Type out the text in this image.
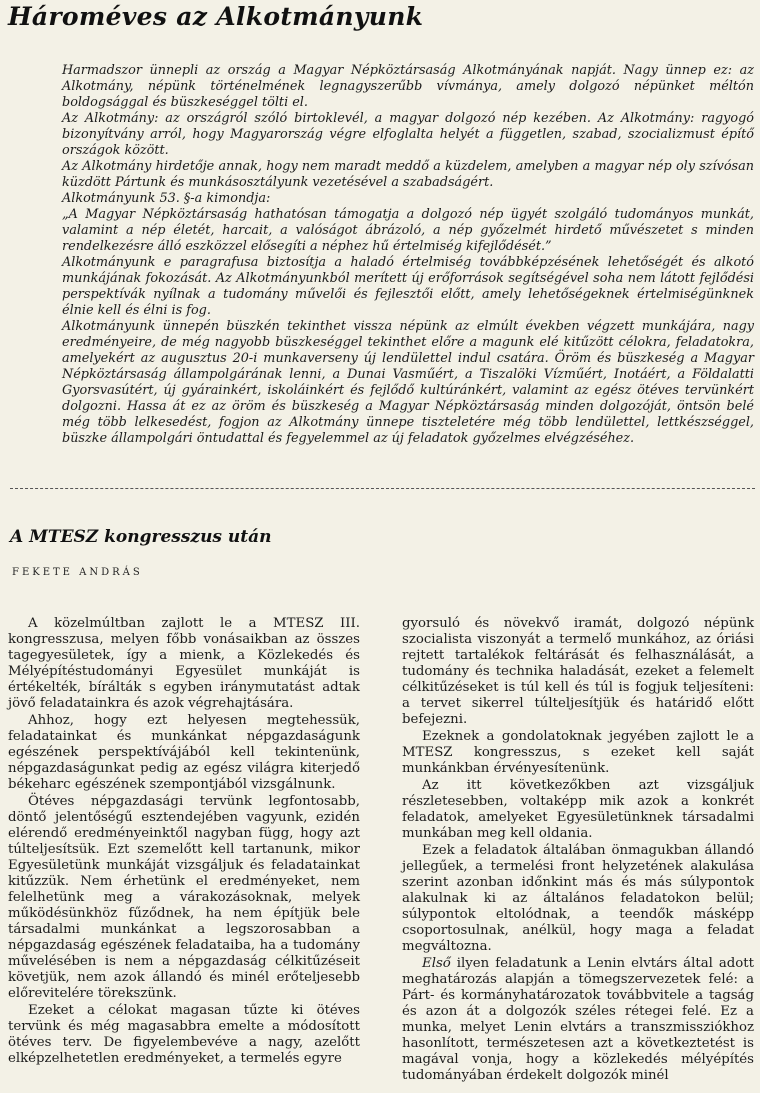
Hároméves az Alkotmányunk

Harmadszor ünnepli az ország a Magyar Népköztársaság Alkotmányának napját. Nagy ünnep ez: az Alkotmány, népünk történelmének legnagyszerűbb vívmánya, amely dolgozó népünket méltón boldogsággal és büszkeséggel tölti el.

Az Alkotmány: az országról szóló birtoklevél, a magyar dolgozó nép kezében. Az Alkotmány: ragyogó bizonyítvány arról, hogy Magyarország végre elfoglalta helyét a független, szabad, szocializmust építő országok között.

Az Alkotmány hirdetője annak, hogy nem maradt meddő a küzdelem, amelyben a magyar nép oly szívósan küzdött Pártunk és munkásosztályunk vezetésével a szabadságért.

Alkotmányunk 53. §-a kimondja:

„A Magyar Népköztársaság hathatósan támogatja a dolgozó nép ügyét szolgáló tudományos munkát, valamint a nép életét, harcait, a valóságot ábrázoló, a nép győzelmét hirdető művészetet s minden rendelkezésre álló eszközzel elősegíti a néphez hű értelmiség kifejlődését.”

Alkotmányunk e paragrafusa biztosítja a haladó értelmiség továbbképzésének lehetőségét és alkotó munkájának fokozását. Az Alkotmányunkból merített új erőforrások segítségével soha nem látott fejlődési perspektívák nyílnak a tudomány művelői és fejlesztői előtt, amely lehetőségeknek értelmiségünknek élnie kell és élni is fog.

Alkotmányunk ünnepén büszkén tekinthet vissza népünk az elmúlt években végzett munkájára, nagy eredményeire, de még nagyobb büszkeséggel tekinthet előre a magunk elé kitűzött célokra, feladatokra, amelyekért az augusztus 20-i munkaverseny új lendülettel indul csatára. Öröm és büszkeség a Magyar Népköztársaság állampolgárának lenni, a Dunai Vasműért, a Tiszalöki Vízműért, Inotáért, a Földalatti Gyorsvasútért, új gyárainkért, iskoláinkért és fejlődő kultúránkért, valamint az egész ötéves tervünkért dolgozni. Hassa át ez az öröm és büszkeség a Magyar Népköztársaság minden dolgozóját, öntsön belé még több lelkesedést, fogjon az Alkotmány ünnepe tiszteletére még több lendülettel, lettkészséggel, büszke állampolgári öntudattal és fegyelemmel az új feladatok győzelmes elvégzéséhez.

A MTESZ kongresszus után
FEKETE ANDRÁS

A közelmúltban zajlott le a MTESZ III. kongresszusa, melyen főbb vonásaikban az összes tagegyesületek, így a mienk, a Közlekedés és Mélyépítéstudományi Egyesület munkáját is értékelték, bírálták s egyben iránymutatást adtak jövő feladatainkra és azok végrehajtására.

Ahhoz, hogy ezt helyesen megtehessük, feladatainkat és munkánkat népgazdaságunk egészének perspektívájából kell tekintenünk, népgazdaságunkat pedig az egész világra kiterjedő békeharc egészének szempontjából vizsgálnunk.

Ötéves népgazdasági tervünk legfontosabb, döntő jelentőségű esztendejében vagyunk, ezidén elérendő eredményeinktől nagyban függ, hogy azt túlteljesítsük. Ezt szemelőtt kell tartanunk, mikor Egyesületünk munkáját vizsgáljuk és feladatainkat kitűzzük. Nem érhetünk el eredményeket, nem felelhetünk meg a várakozásoknak, melyek működésünkhöz fűződnek, ha nem építjük bele társadalmi munkánkat a legszorosabban a népgazdaság egészének feladataiba, ha a tudomány művelésében is nem a népgazdaság célkitűzéseit követjük, nem azok állandó és minél erőteljesebb előrevitelére törekszünk.

Ezeket a célokat magasan tűzte ki ötéves tervünk és még magasabbra emelte a módosított ötéves terv. De figyelembevéve a nagy, azelőtt elképzelhetetlen eredményeket, a termelés egyre

gyorsuló és növekvő iramát, dolgozó népünk szocialista viszonyát a termelő munkához, az óriási rejtett tartalékok feltárását és felhasználását, a tudomány és technika haladását, ezeket a felemelt célkitűzéseket is túl kell és túl is fogjuk teljesíteni: a tervet sikerrel túlteljesítjük és határidő előtt befejezni.

Ezeknek a gondolatoknak jegyében zajlott le a MTESZ kongresszus, s ezeket kell saját munkánkban érvényesítenünk.

Az itt következőkben azt vizsgáljuk részletesebben, voltaképp mik azok a konkrét feladatok, amelyeket Egyesületünknek társadalmi munkában meg kell oldania.

Ezek a feladatok általában önmagukban állandó jellegűek, a termelési front helyzetének alakulása szerint azonban időnkint más és más súlypontok alakulnak ki az általános feladatokon belül; súlypontok eltolódnak, a teendők másképp csoportosulnak, anélkül, hogy maga a feladat megváltozna.

Első ilyen feladatunk a Lenin elvtárs által adott meghatározás alapján a tömegszervezetek felé: a Párt- és kormányhatározatok továbbvitele a tagság és azon át a dolgozók széles rétegei felé. Ez a munka, melyet Lenin elvtárs a transzmissziókhoz hasonlított, természetesen azt a következtetést is magával vonja, hogy a közlekedés mélyépítés tudományában érdekelt dolgozók minél
